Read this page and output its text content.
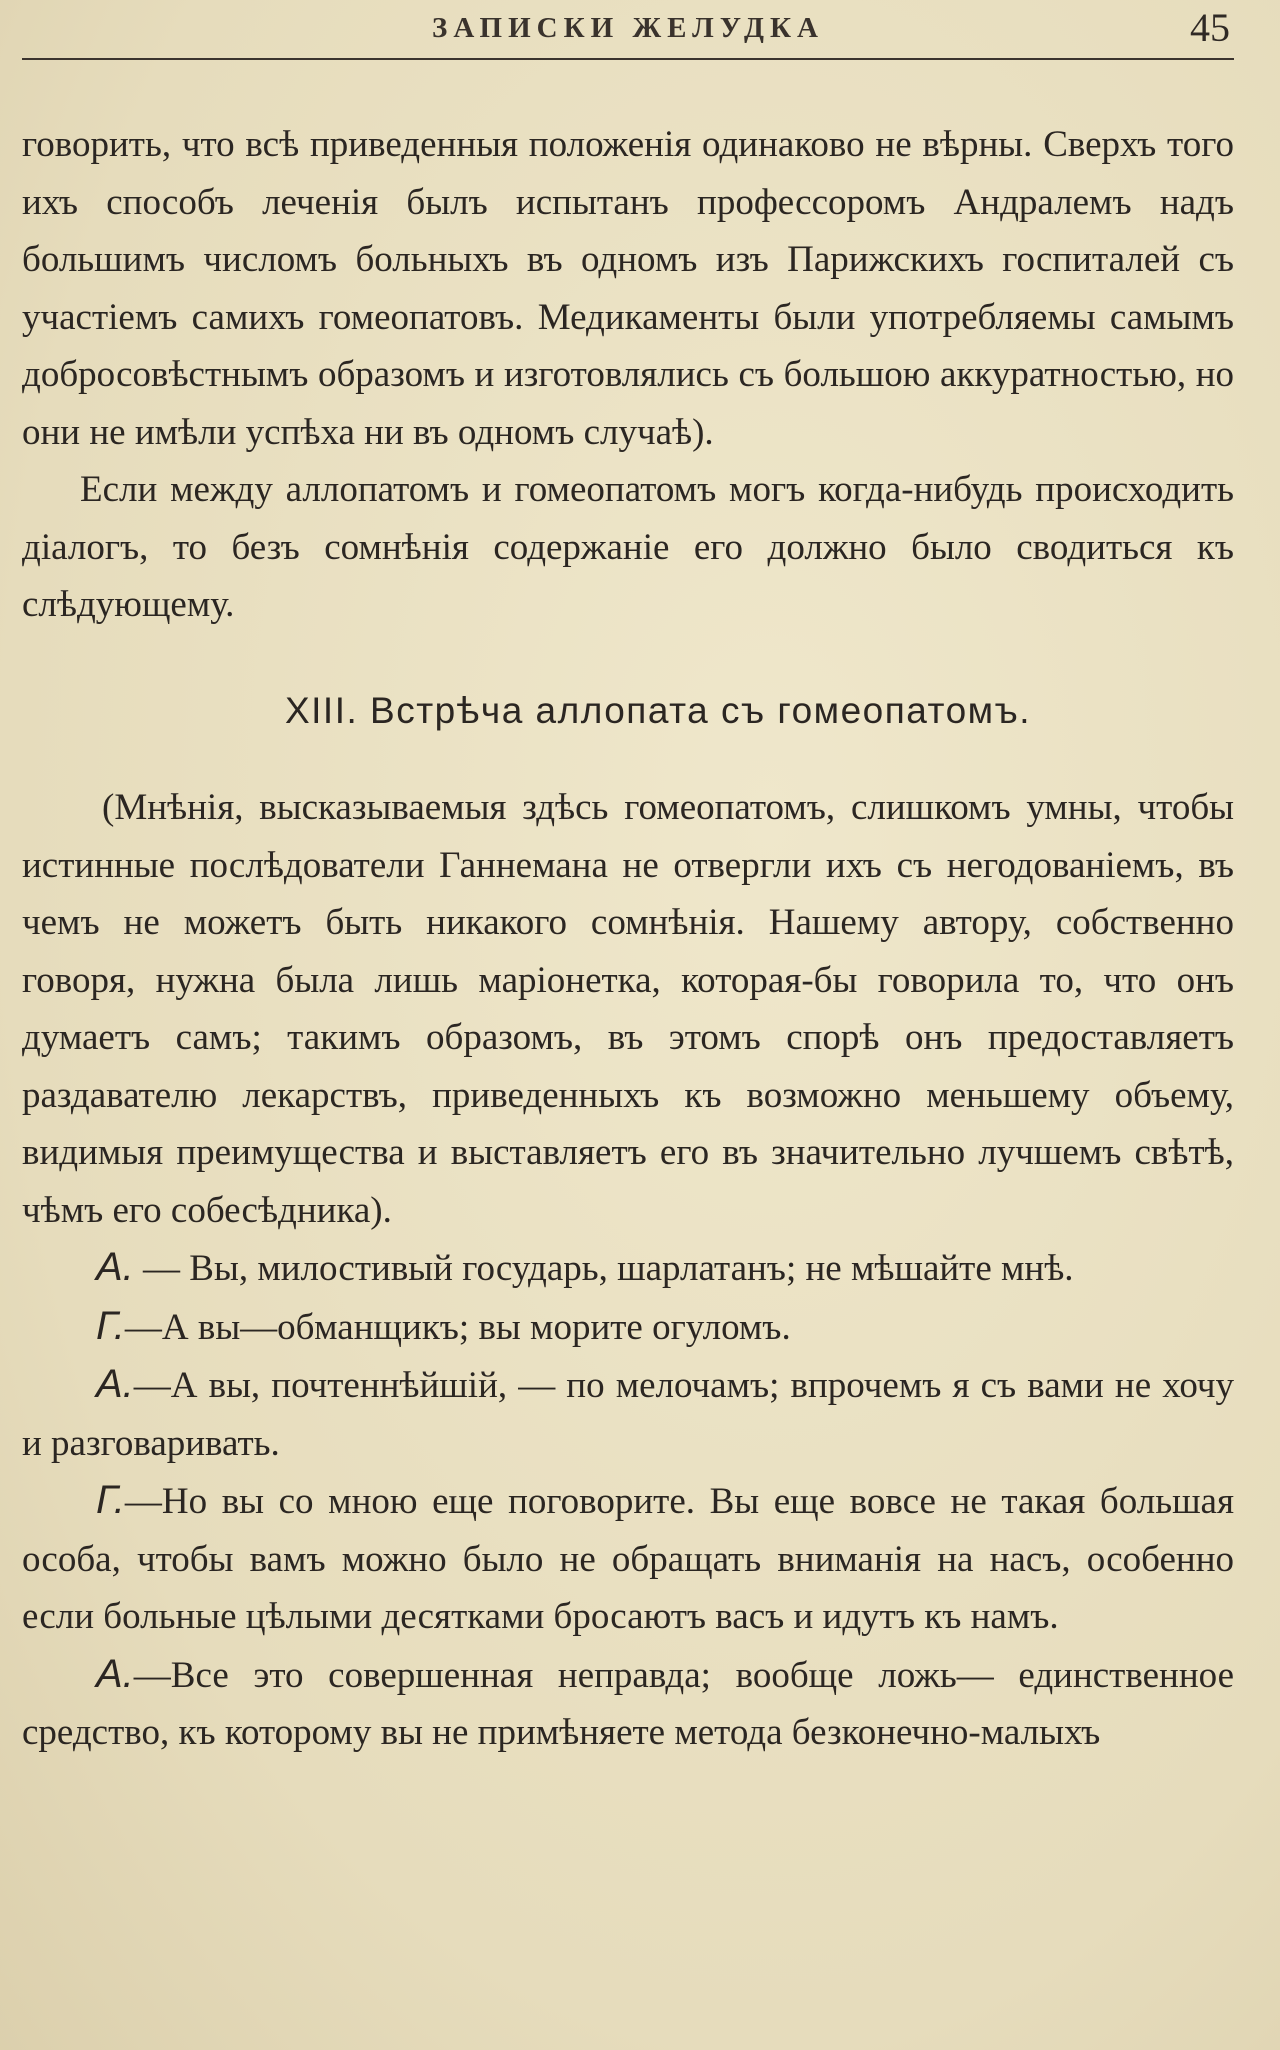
ЗАПИСКИ ЖЕЛУДКА	45

говорить, что всѣ приведенныя положенія одинаково не вѣрны. Сверхъ того ихъ способъ леченія былъ испытанъ профессоромъ Андралемъ надъ большимъ числомъ больныхъ въ одномъ изъ Парижскихъ госпиталей съ участіемъ самихъ гомеопатовъ. Медикаменты были употребляемы самымъ добросовѣстнымъ образомъ и изготовлялись съ большою аккуратностью, но они не имѣли успѣха ни въ одномъ случаѣ).

Если между аллопатомъ и гомеопатомъ могъ когда-нибудь происходить діалогъ, то безъ сомнѣнія содержаніе его должно было сводиться къ слѣдующему.

XIII. Встрѣча аллопата съ гомеопатомъ.

(Мнѣнія, высказываемыя здѣсь гомеопатомъ, слишкомъ умны, чтобы истинные послѣдователи Ганнемана не отвергли ихъ съ негодованіемъ, въ чемъ не можетъ быть никакого сомнѣнія. Нашему автору, собственно говоря, нужна была лишь маріонетка, которая-бы говорила то, что онъ думаетъ самъ; такимъ образомъ, въ этомъ спорѣ онъ предоставляетъ раздавателю лекарствъ, приведенныхъ къ возможно меньшему объему, видимыя преимущества и выставляетъ его въ значительно лучшемъ свѣтѣ, чѣмъ его собесѣдника).

А. — Вы, милостивый государь, шарлатанъ; не мѣшайте мнѣ.

Г.—А вы—обманщикъ; вы морите огуломъ.

А.—А вы, почтеннѣйшій, — по мелочамъ; впрочемъ я съ вами не хочу и разговаривать.

Г.—Но вы со мною еще поговорите. Вы еще вовсе не такая большая особа, чтобы вамъ можно было не обращать вниманія на насъ, особенно если больные цѣлыми десятками бросаютъ васъ и идутъ къ намъ.

А.—Все это совершенная неправда; вообще ложь— единственное средство, къ которому вы не примѣняете метода безконечно-малыхъ
